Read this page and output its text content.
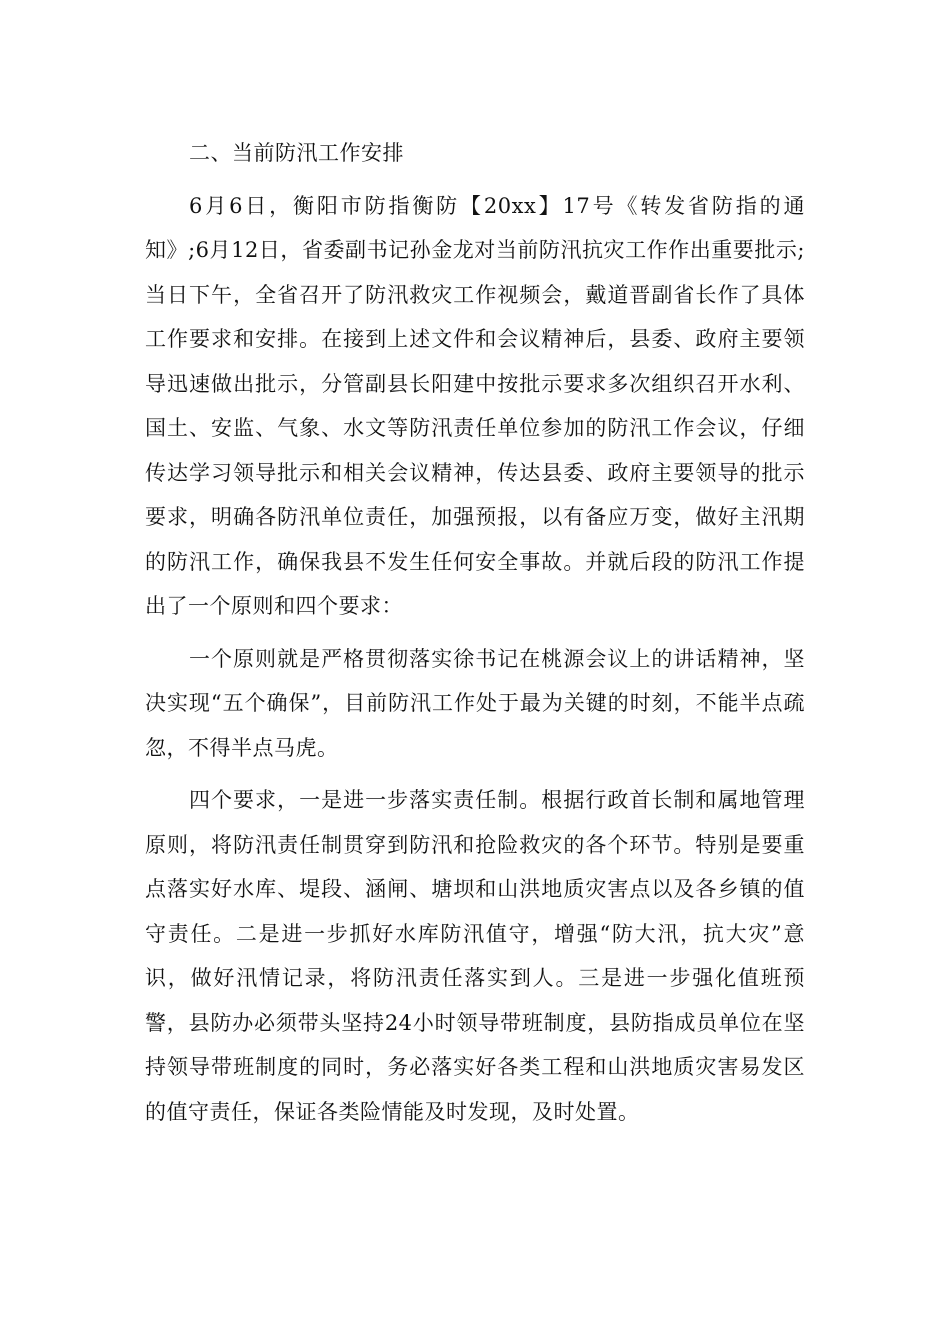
二、当前防汛工作安排

6月6日，衡阳市防指衡防【20xx】17号《转发省防指的通知》;6月12日，省委副书记孙金龙对当前防汛抗灾工作作出重要批示;当日下午，全省召开了防汛救灾工作视频会，戴道晋副省长作了具体工作要求和安排。在接到上述文件和会议精神后，县委、政府主要领导迅速做出批示，分管副县长阳建中按批示要求多次组织召开水利、国土、安监、气象、水文等防汛责任单位参加的防汛工作会议，仔细传达学习领导批示和相关会议精神，传达县委、政府主要领导的批示要求，明确各防汛单位责任，加强预报，以有备应万变，做好主汛期的防汛工作，确保我县不发生任何安全事故。并就后段的防汛工作提出了一个原则和四个要求：

一个原则就是严格贯彻落实徐书记在桃源会议上的讲话精神，坚决实现“五个确保”，目前防汛工作处于最为关键的时刻，不能半点疏忽，不得半点马虎。

四个要求，一是进一步落实责任制。根据行政首长制和属地管理原则，将防汛责任制贯穿到防汛和抢险救灾的各个环节。特别是要重点落实好水库、堤段、涵闸、塘坝和山洪地质灾害点以及各乡镇的值守责任。二是进一步抓好水库防汛值守，增强“防大汛，抗大灾”意识，做好汛情记录，将防汛责任落实到人。三是进一步强化值班预警，县防办必须带头坚持24小时领导带班制度，县防指成员单位在坚持领导带班制度的同时，务必落实好各类工程和山洪地质灾害易发区的值守责任，保证各类险情能及时发现，及时处置。
